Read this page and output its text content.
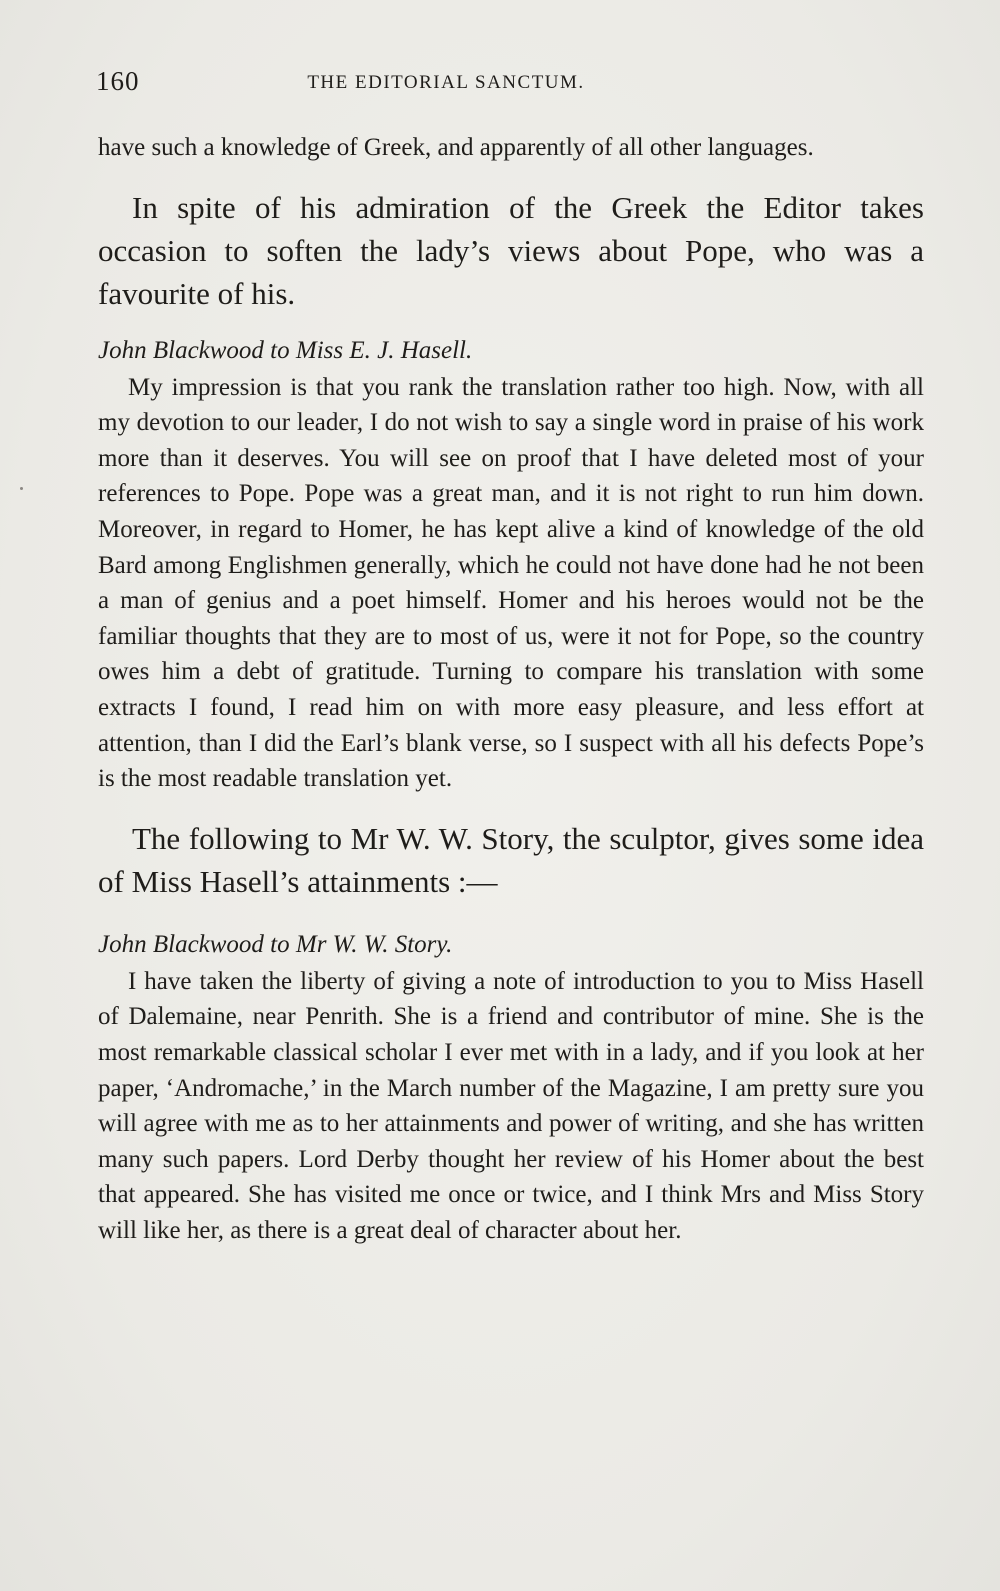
160	THE EDITORIAL SANCTUM.

have such a knowledge of Greek, and apparently of all other languages.

In spite of his admiration of the Greek the Editor takes occasion to soften the lady’s views about Pope, who was a favourite of his.

John Blackwood to Miss E. J. Hasell.

My impression is that you rank the translation rather too high. Now, with all my devotion to our leader, I do not wish to say a single word in praise of his work more than it deserves. You will see on proof that I have deleted most of your references to Pope. Pope was a great man, and it is not right to run him down. Moreover, in regard to Homer, he has kept alive a kind of knowledge of the old Bard among Englishmen generally, which he could not have done had he not been a man of genius and a poet himself. Homer and his heroes would not be the familiar thoughts that they are to most of us, were it not for Pope, so the country owes him a debt of gratitude. Turning to compare his translation with some extracts I found, I read him on with more easy pleasure, and less effort at attention, than I did the Earl’s blank verse, so I suspect with all his defects Pope’s is the most readable translation yet.

The following to Mr W. W. Story, the sculptor, gives some idea of Miss Hasell’s attainments :—

John Blackwood to Mr W. W. Story.

I have taken the liberty of giving a note of introduction to you to Miss Hasell of Dalemaine, near Penrith. She is a friend and contributor of mine. She is the most remarkable classical scholar I ever met with in a lady, and if you look at her paper, ‘Andromache,’ in the March number of the Magazine, I am pretty sure you will agree with me as to her attainments and power of writing, and she has written many such papers. Lord Derby thought her review of his Homer about the best that appeared. She has visited me once or twice, and I think Mrs and Miss Story will like her, as there is a great deal of character about her.
